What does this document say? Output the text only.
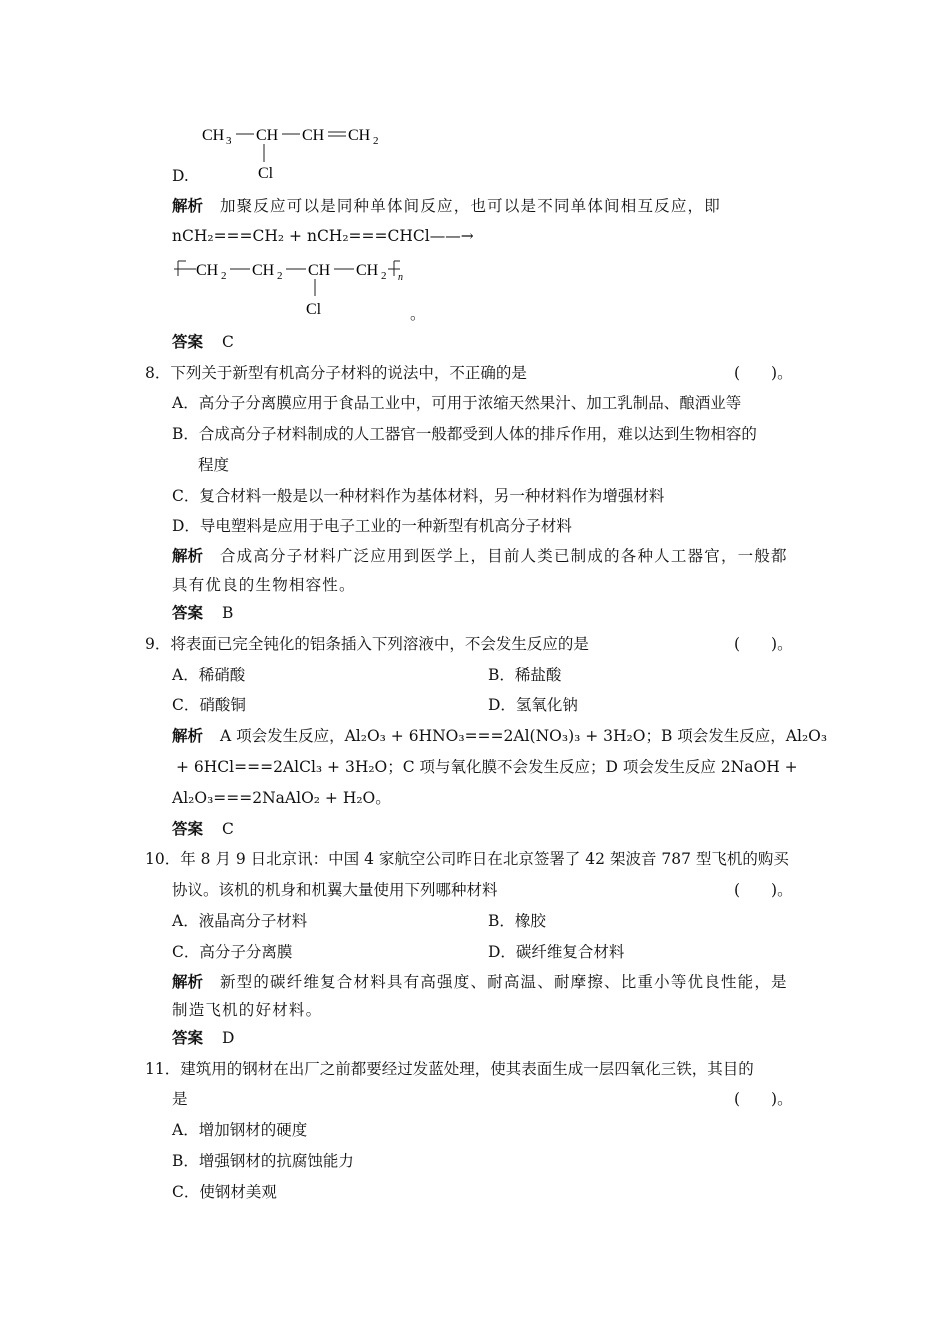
CH 3 CH CH CH 2
Cl
D.
解析 加聚反应可以是同种单体间反应，也可以是不同单体间相互反应，即
nCH₂===CH₂ + nCH₂===CHCl——→
CH 2 CH 2 CH CH 2 n
Cl	。
答案 C
8．下列关于新型有机高分子材料的说法中，不正确的是	(　　)。
A．高分子分离膜应用于食品工业中，可用于浓缩天然果汁、加工乳制品、酿酒业等
B．合成高分子材料制成的人工器官一般都受到人体的排斥作用，难以达到生物相容的
程度
C．复合材料一般是以一种材料作为基体材料，另一种材料作为增强材料
D．导电塑料是应用于电子工业的一种新型有机高分子材料
解析 合成高分子材料广泛应用到医学上，目前人类已制成的各种人工器官，一般都
具有优良的生物相容性。
答案 B
9．将表面已完全钝化的铝条插入下列溶液中，不会发生反应的是	(　　)。
A．稀硝酸	B．稀盐酸
C．硝酸铜	D．氢氧化钠
解析 A 项会发生反应，Al₂O₃ + 6HNO₃===2Al(NO₃)₃ + 3H₂O；B 项会发生反应，Al₂O₃
+ 6HCl===2AlCl₃ + 3H₂O；C 项与氧化膜不会发生反应；D 项会发生反应 2NaOH +
Al₂O₃===2NaAlO₂ + H₂O。
答案 C
10．年 8 月 9 日北京讯：中国 4 家航空公司昨日在北京签署了 42 架波音 787 型飞机的购买
协议。该机的机身和机翼大量使用下列哪种材料	(　　)。
A．液晶高分子材料	B．橡胶
C．高分子分离膜	D．碳纤维复合材料
解析 新型的碳纤维复合材料具有高强度、耐高温、耐摩擦、比重小等优良性能，是
制造飞机的好材料。
答案 D
11．建筑用的钢材在出厂之前都要经过发蓝处理，使其表面生成一层四氧化三铁，其目的
是	(　　)。
A．增加钢材的硬度
B．增强钢材的抗腐蚀能力
C．使钢材美观
